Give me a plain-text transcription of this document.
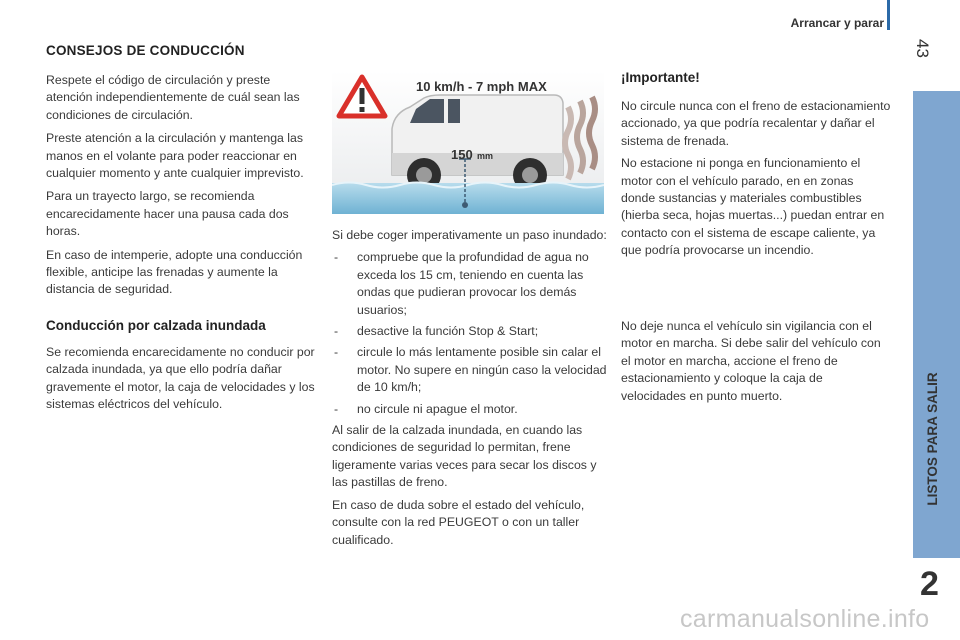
Arrancar y parar
43
LISTOS PARA SALIR
2
CONSEJOS DE CONDUCCIÓN

Respete el código de circulación y preste atención independientemente de cuál sean las condiciones de circulación.

Preste atención a la circulación y mantenga las manos en el volante para poder reaccionar en cualquier momento y ante cualquier imprevisto.

Para un trayecto largo, se recomienda encarecidamente hacer una pausa cada dos horas.

En caso de intemperie, adopte una conducción flexible, anticipe las frenadas y aumente la distancia de seguridad.

Conducción por calzada inundada

Se recomienda encarecidamente no conducir por calzada inundada, ya que ello podría dañar gravemente el motor, la caja de velocidades y los sistemas eléctricos del vehículo.

10 km/h - 7 mph MAX
150 mm

Si debe coger imperativamente un paso inundado:

- compruebe que la profundidad de agua no exceda los 15 cm, teniendo en cuenta las ondas que pudieran provocar los demás usuarios;
- desactive la función Stop & Start;
- circule lo más lentamente posible sin calar el motor. No supere en ningún caso la velocidad de 10 km/h;
- no circule ni apague el motor.

Al salir de la calzada inundada, en cuando las condiciones de seguridad lo permitan, frene ligeramente varias veces para secar los discos y las pastillas de freno.

En caso de duda sobre el estado del vehículo, consulte con la red PEUGEOT o con un taller cualificado.

¡Importante!

No circule nunca con el freno de estacionamiento accionado, ya que podría recalentar y dañar el sistema de frenada.

No estacione ni ponga en funcionamiento el motor con el vehículo parado, en en zonas donde sustancias y materiales combustibles (hierba seca, hojas muertas...) puedan entrar en contacto con el sistema de escape caliente, ya que podría provocarse un incendio.

No deje nunca el vehículo sin vigilancia con el motor en marcha. Si debe salir del vehículo con el motor en marcha, accione el freno de estacionamiento y coloque la caja de velocidades en punto muerto.

carmanualsonline.info
